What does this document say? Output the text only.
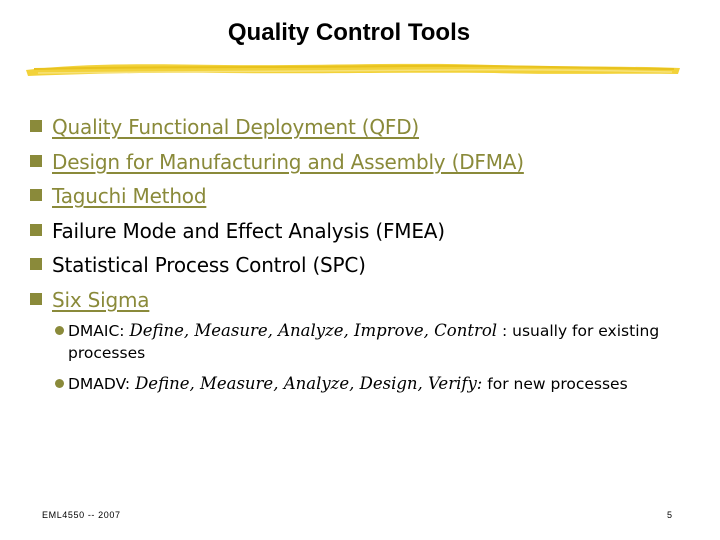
Quality Control Tools
Quality Functional Deployment (QFD)
Design for Manufacturing and Assembly (DFMA)
Taguchi Method
Failure Mode and Effect Analysis (FMEA)
Statistical Process Control (SPC)
Six Sigma
DMAIC: Define, Measure, Analyze, Improve, Control : usually for existing processes
DMADV: Define, Measure, Analyze, Design, Verify: for new processes
EML4550 -- 2007	5
